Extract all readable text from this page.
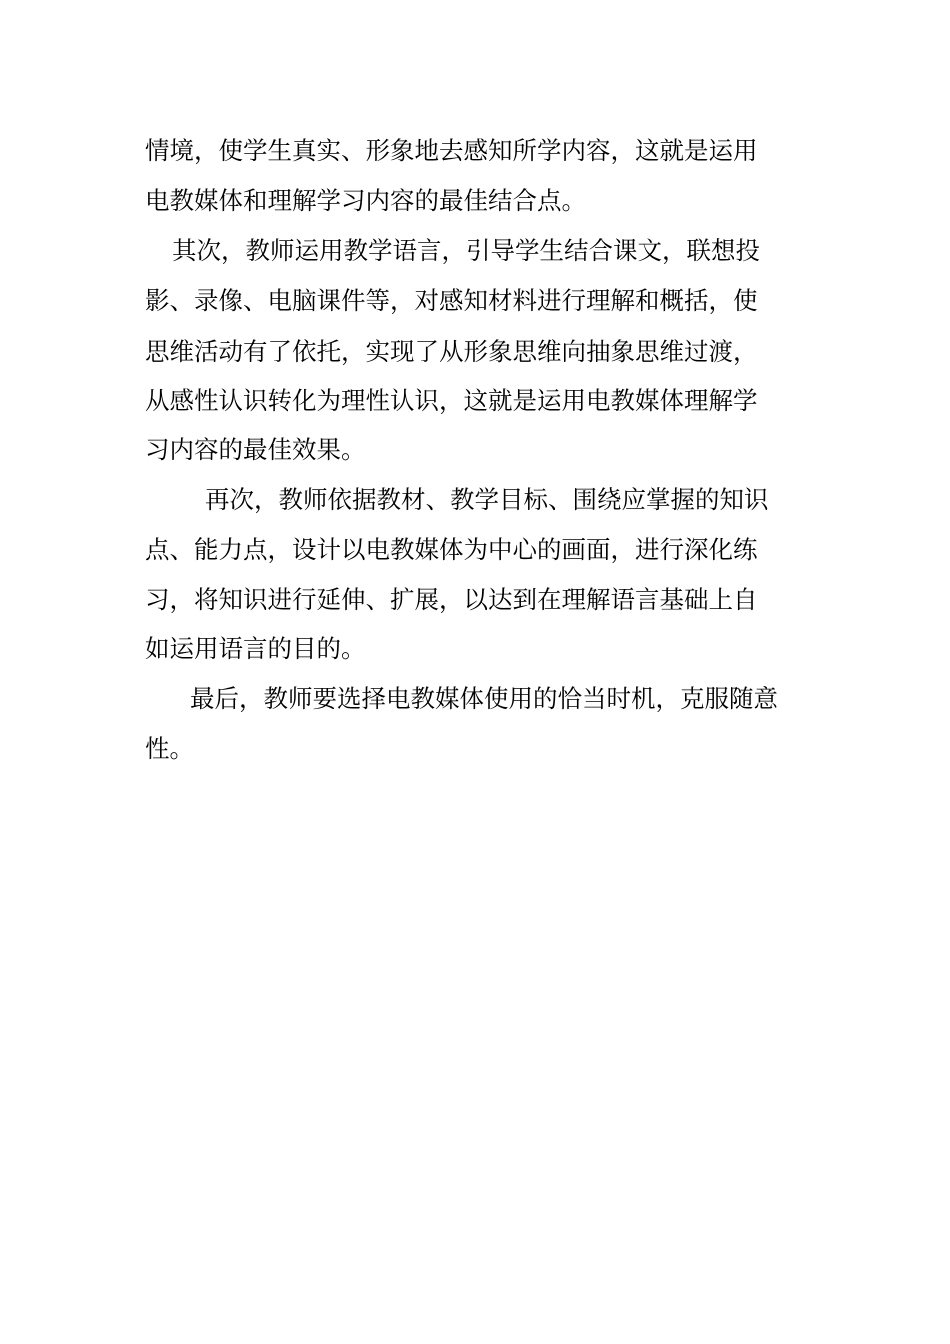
情境，使学生真实、形象地去感知所学内容，这就是运用

电教媒体和理解学习内容的最佳结合点。

其次，教师运用教学语言，引导学生结合课文，联想投

影、录像、电脑课件等，对感知材料进行理解和概括，使

思维活动有了依托，实现了从形象思维向抽象思维过渡，

从感性认识转化为理性认识，这就是运用电教媒体理解学

习内容的最佳效果。

再次，教师依据教材、教学目标、围绕应掌握的知识

点、能力点，设计以电教媒体为中心的画面，进行深化练

习，将知识进行延伸、扩展，以达到在理解语言基础上自

如运用语言的目的。

最后，教师要选择电教媒体使用的恰当时机，克服随意

性。
